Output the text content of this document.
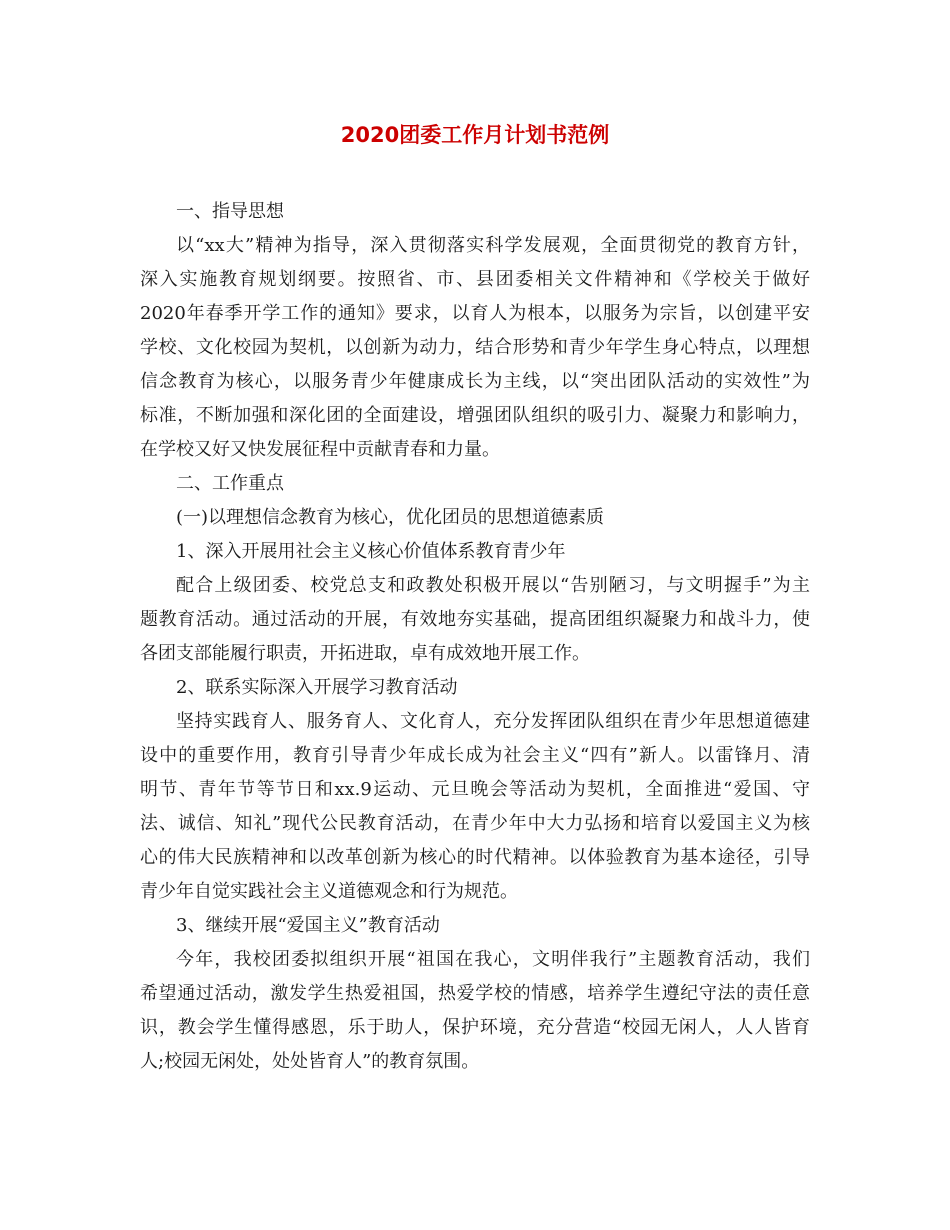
2020团委工作月计划书范例

一、指导思想

以“xx大”精神为指导，深入贯彻落实科学发展观，全面贯彻党的教育方针，

深入实施教育规划纲要。按照省、市、县团委相关文件精神和《学校关于做好

2020年春季开学工作的通知》要求，以育人为根本，以服务为宗旨，以创建平安

学校、文化校园为契机，以创新为动力，结合形势和青少年学生身心特点，以理想

信念教育为核心，以服务青少年健康成长为主线，以“突出团队活动的实效性”为

标准，不断加强和深化团的全面建设，增强团队组织的吸引力、凝聚力和影响力，

在学校又好又快发展征程中贡献青春和力量。

二、工作重点

(一)以理想信念教育为核心，优化团员的思想道德素质

1、深入开展用社会主义核心价值体系教育青少年

配合上级团委、校党总支和政教处积极开展以“告别陋习，与文明握手”为主

题教育活动。通过活动的开展，有效地夯实基础，提高团组织凝聚力和战斗力，使

各团支部能履行职责，开拓进取，卓有成效地开展工作。

2、联系实际深入开展学习教育活动

坚持实践育人、服务育人、文化育人，充分发挥团队组织在青少年思想道德建

设中的重要作用，教育引导青少年成长成为社会主义“四有”新人。以雷锋月、清

明节、青年节等节日和xx.9运动、元旦晚会等活动为契机，全面推进“爱国、守

法、诚信、知礼”现代公民教育活动，在青少年中大力弘扬和培育以爱国主义为核

心的伟大民族精神和以改革创新为核心的时代精神。以体验教育为基本途径，引导

青少年自觉实践社会主义道德观念和行为规范。

3、继续开展“爱国主义”教育活动

今年，我校团委拟组织开展“祖国在我心，文明伴我行”主题教育活动，我们

希望通过活动，激发学生热爱祖国，热爱学校的情感，培养学生遵纪守法的责任意

识，教会学生懂得感恩，乐于助人，保护环境，充分营造“校园无闲人，人人皆育

人;校园无闲处，处处皆育人”的教育氛围。
